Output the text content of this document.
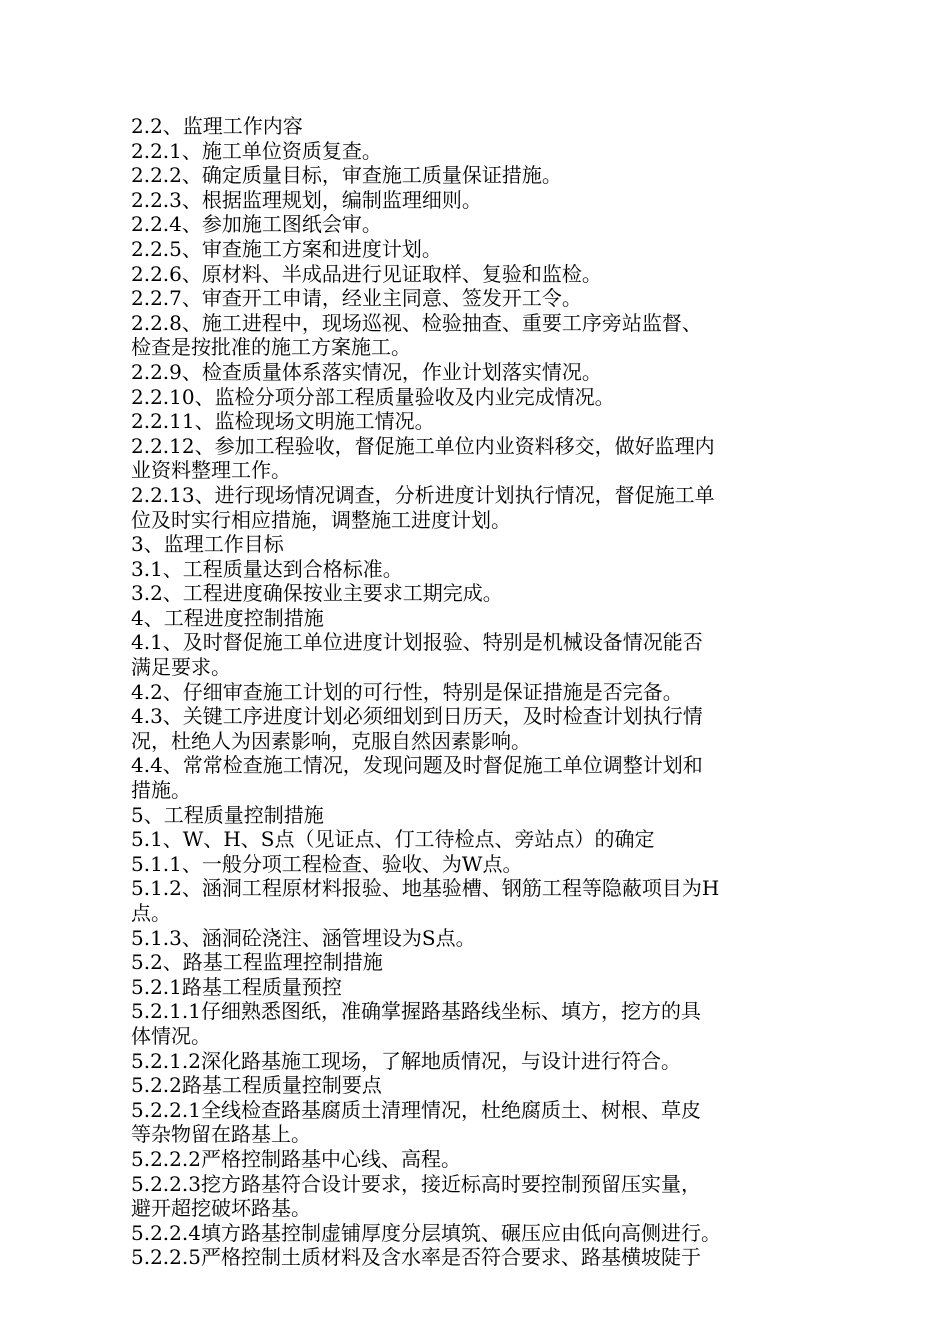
2.2、监理工作内容
2.2.1、施工单位资质复查。
2.2.2、确定质量目标，审查施工质量保证措施。
2.2.3、根据监理规划，编制监理细则。
2.2.4、参加施工图纸会审。
2.2.5、审查施工方案和进度计划。
2.2.6、原材料、半成品进行见证取样、复验和监检。
2.2.7、审查开工申请，经业主同意、签发开工令。
2.2.8、施工进程中，现场巡视、检验抽查、重要工序旁站监督、
检查是按批准的施工方案施工。
2.2.9、检查质量体系落实情况，作业计划落实情况。
2.2.10、监检分项分部工程质量验收及内业完成情况。
2.2.11、监检现场文明施工情况。
2.2.12、参加工程验收，督促施工单位内业资料移交，做好监理内
业资料整理工作。
2.2.13、进行现场情况调查，分析进度计划执行情况，督促施工单
位及时实行相应措施，调整施工进度计划。
3、监理工作目标
3.1、工程质量达到合格标准。
3.2、工程进度确保按业主要求工期完成。
4、工程进度控制措施
4.1、及时督促施工单位进度计划报验、特别是机械设备情况能否
满足要求。
4.2、仔细审查施工计划的可行性，特别是保证措施是否完备。
4.3、关键工序进度计划必须细划到日历天，及时检查计划执行情
况，杜绝人为因素影响，克服自然因素影响。
4.4、常常检查施工情况，发现问题及时督促施工单位调整计划和
措施。
5、工程质量控制措施
5.1、W、H、S点（见证点、仃工待检点、旁站点）的确定
5.1.1、一般分项工程检查、验收、为W点。
5.1.2、涵洞工程原材料报验、地基验槽、钢筋工程等隐蔽项目为H
点。
5.1.3、涵洞砼浇注、涵管埋设为S点。
5.2、路基工程监理控制措施
5.2.1路基工程质量预控
5.2.1.1仔细熟悉图纸，准确掌握路基路线坐标、填方，挖方的具
体情况。
5.2.1.2深化路基施工现场，了解地质情况，与设计进行符合。
5.2.2路基工程质量控制要点
5.2.2.1全线检查路基腐质土清理情况，杜绝腐质土、树根、草皮
等杂物留在路基上。
5.2.2.2严格控制路基中心线、高程。
5.2.2.3挖方路基符合设计要求，接近标高时要控制预留压实量，
避开超挖破坏路基。
5.2.2.4填方路基控制虚铺厚度分层填筑、碾压应由低向高侧进行。
5.2.2.5严格控制土质材料及含水率是否符合要求、路基横坡陡于
